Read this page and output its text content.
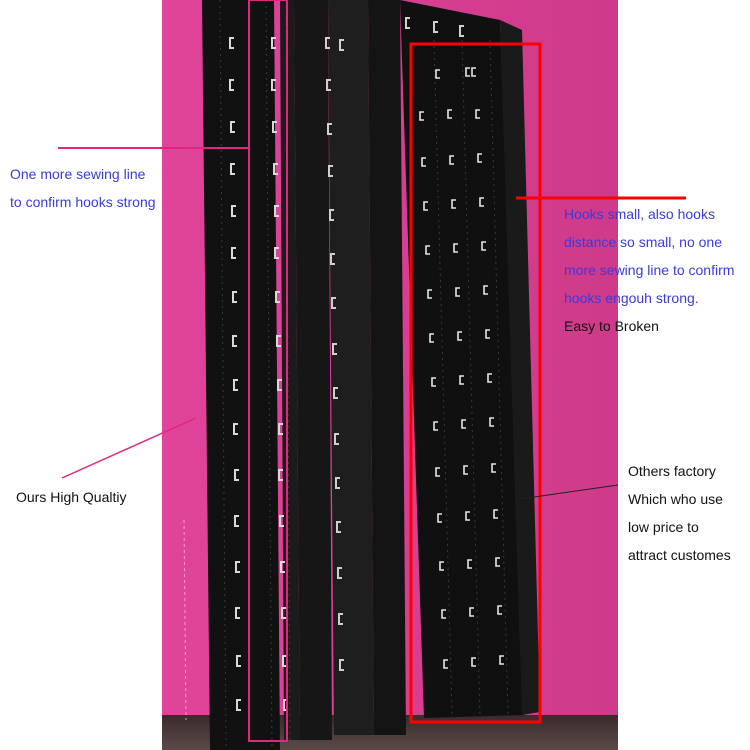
One more sewing line
to confirm hooks strong
Hooks small, also hooks
distance so small, no one
more sewing line to confirm
hooks engouh strong.
Easy to Broken
Ours High Qualtiy
Others factory
Which who use
low price to
attract customes
